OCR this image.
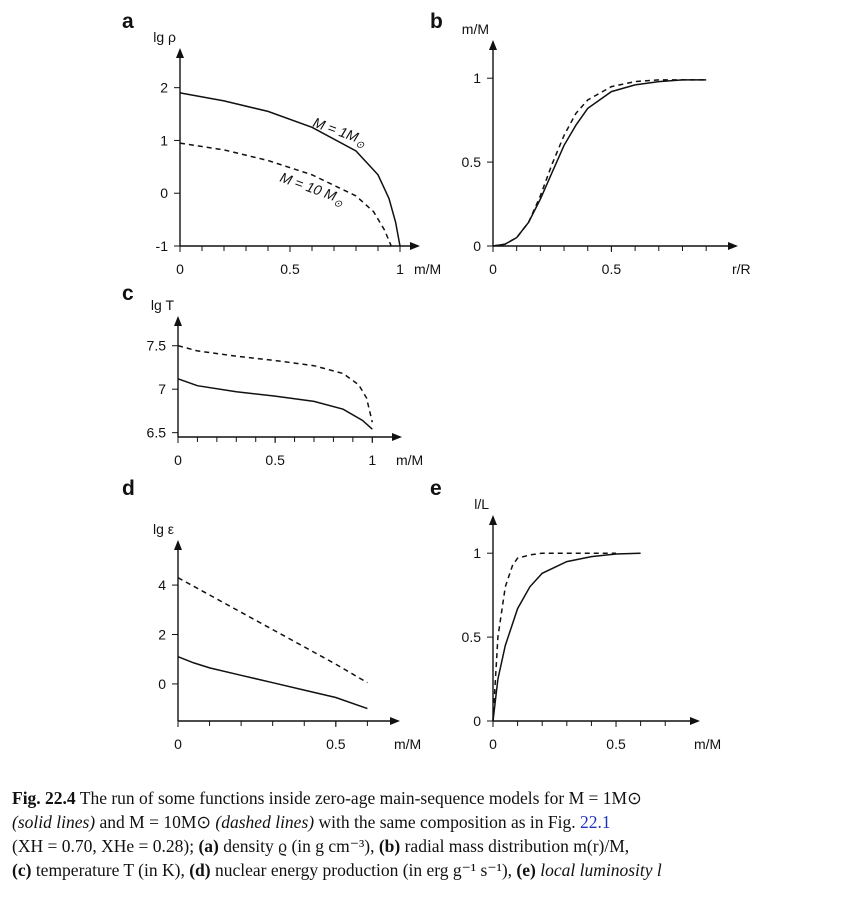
a
lg ρ
m/M
-1
0
1
2
0	0.5	1
$M = 1M_⊙$
M = 10 $M_⊙$
b m/M
r/R
0
0.5
1
0	0.5
c lg T
m/M
6.5
7
7.5
0	0.5	1
d
lg ε
m/M
0
2
4
0	0.5
e
l/L
m/M
0
0.5
1
0	0.5
Fig. 22.4 The run of some functions inside zero-age main-sequence models for M = 1M⊙
(solid lines) and M = 10M⊙ (dashed lines) with the same composition as in Fig. 22.1
(XH = 0.70, XHe = 0.28); (a) density ϱ (in g cm⁻³), (b) radial mass distribution m(r)/M,
(c) temperature T (in K), (d) nuclear energy production (in erg g⁻¹ s⁻¹), (e) local luminosity l
